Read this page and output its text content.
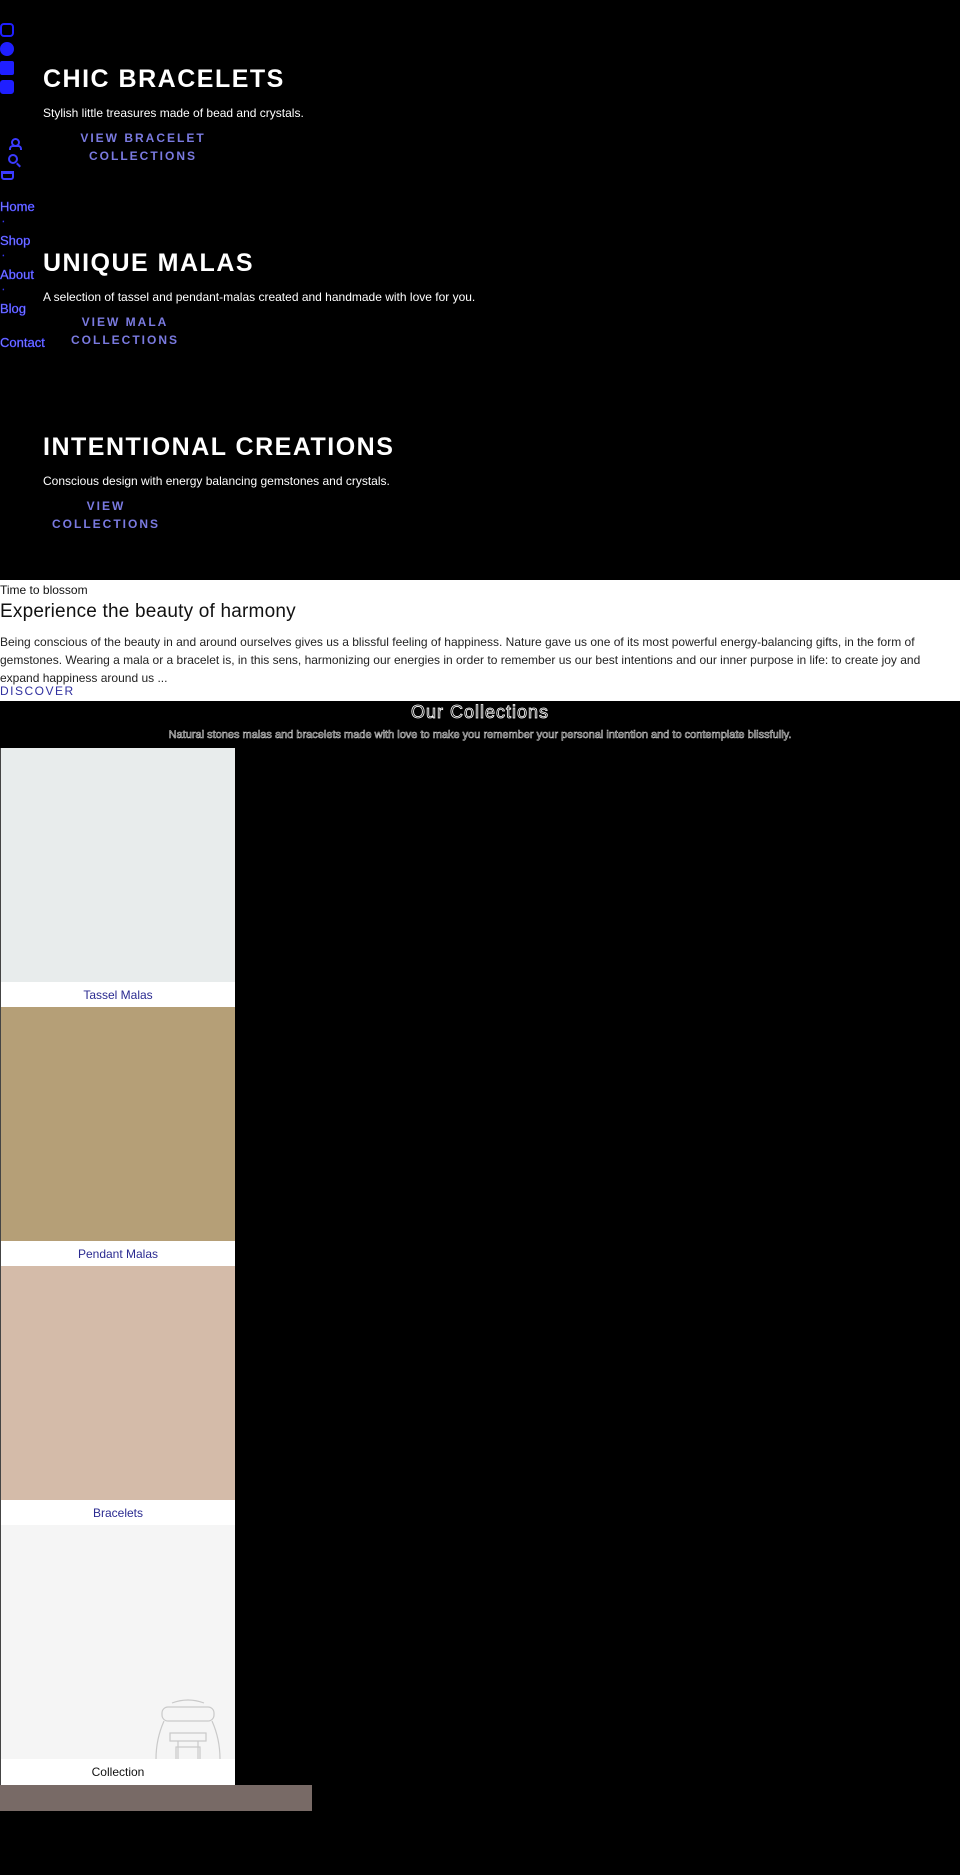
CHIC BRACELETS

Stylish little treasures made of bead and crystals.

VIEW BRACELET
COLLECTIONS
UNIQUE MALAS

A selection of tassel and pendant-malas created and handmade with love for you.

VIEW MALA
COLLECTIONS
INTENTIONAL CREATIONS

Conscious design with energy balancing gemstones and crystals.

VIEW
COLLECTIONS
Home .
Shop .
About .
Blog
Contact
Time to blossom
Experience the beauty of harmony

Being conscious of the beauty in and around ourselves gives us a blissful feeling of happiness. Nature gave us one of its most powerful energy-balancing gifts, in the form of gemstones. Wearing a mala or a bracelet is, in this sens, harmonizing our energies in order to remember us our best intentions and our inner purpose in life: to create joy and expand happiness around us ...

DISCOVER
Our Collections
Natural stones malas and bracelets made with love to make you remember your personal intention and to contemplate blissfully.
Tassel Malas
Pendant Malas
Bracelets
Collection
